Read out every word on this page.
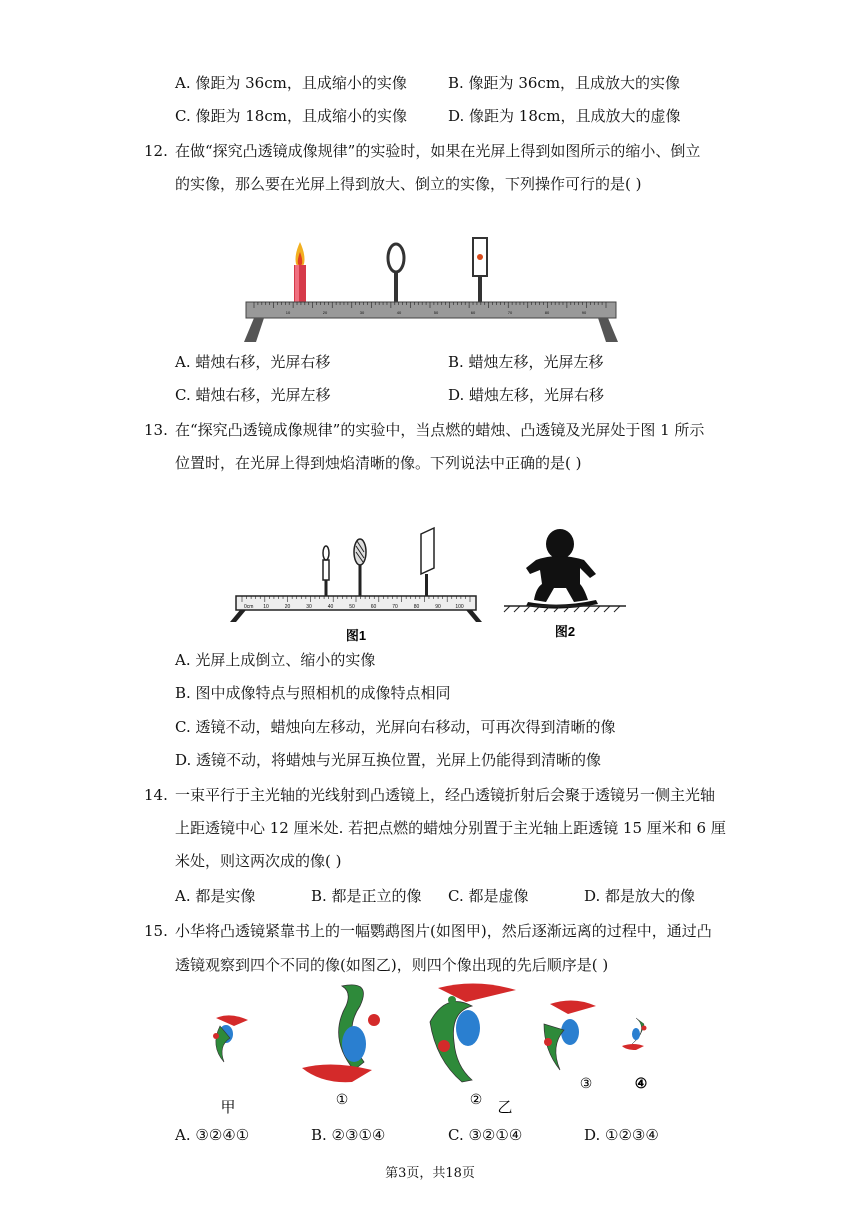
A. 像距为 36cm，且成缩小的实像	B. 像距为 36cm，且成放大的实像
C. 像距为 18cm，且成缩小的实像	D. 像距为 18cm，且成放大的虚像
12. 在做“探究凸透镜成像规律”的实验时，如果在光屏上得到如图所示的缩小、倒立
的实像，那么要在光屏上得到放大、倒立的实像，下列操作可行的是( )
10	20	30	40	50	60	70	80	90
A. 蜡烛右移，光屏右移	B. 蜡烛左移，光屏左移
C. 蜡烛右移，光屏左移	D. 蜡烛左移，光屏右移
13. 在“探究凸透镜成像规律”的实验中，当点燃的蜡烛、凸透镜及光屏处于图 1 所示
位置时，在光屏上得到烛焰清晰的像。下列说法中正确的是( )
0cm 10	20	30	40	50	60	70	80	90	100
图1	图2
A. 光屏上成倒立、缩小的实像
B. 图中成像特点与照相机的成像特点相同
C. 透镜不动，蜡烛向左移动，光屏向右移动，可再次得到清晰的像
D. 透镜不动，将蜡烛与光屏互换位置，光屏上仍能得到清晰的像
14. 一束平行于主光轴的光线射到凸透镜上，经凸透镜折射后会聚于透镜另一侧主光轴
上距透镜中心 12 厘米处. 若把点燃的蜡烛分别置于主光轴上距透镜 15 厘米和 6 厘
米处，则这两次成的像( )
A. 都是实像	B. 都是正立的像 C. 都是虚像	D. 都是放大的像
15. 小华将凸透镜紧靠书上的一幅鹦鹉图片(如图甲)，然后逐渐远离的过程中，通过凸
透镜观察到四个不同的像(如图乙)，则四个像出现的先后顺序是( )
甲	①	②
③	④
乙
A. ③②④①	B. ②③①④	C. ③②①④	D. ①②③④
第3页，共18页
